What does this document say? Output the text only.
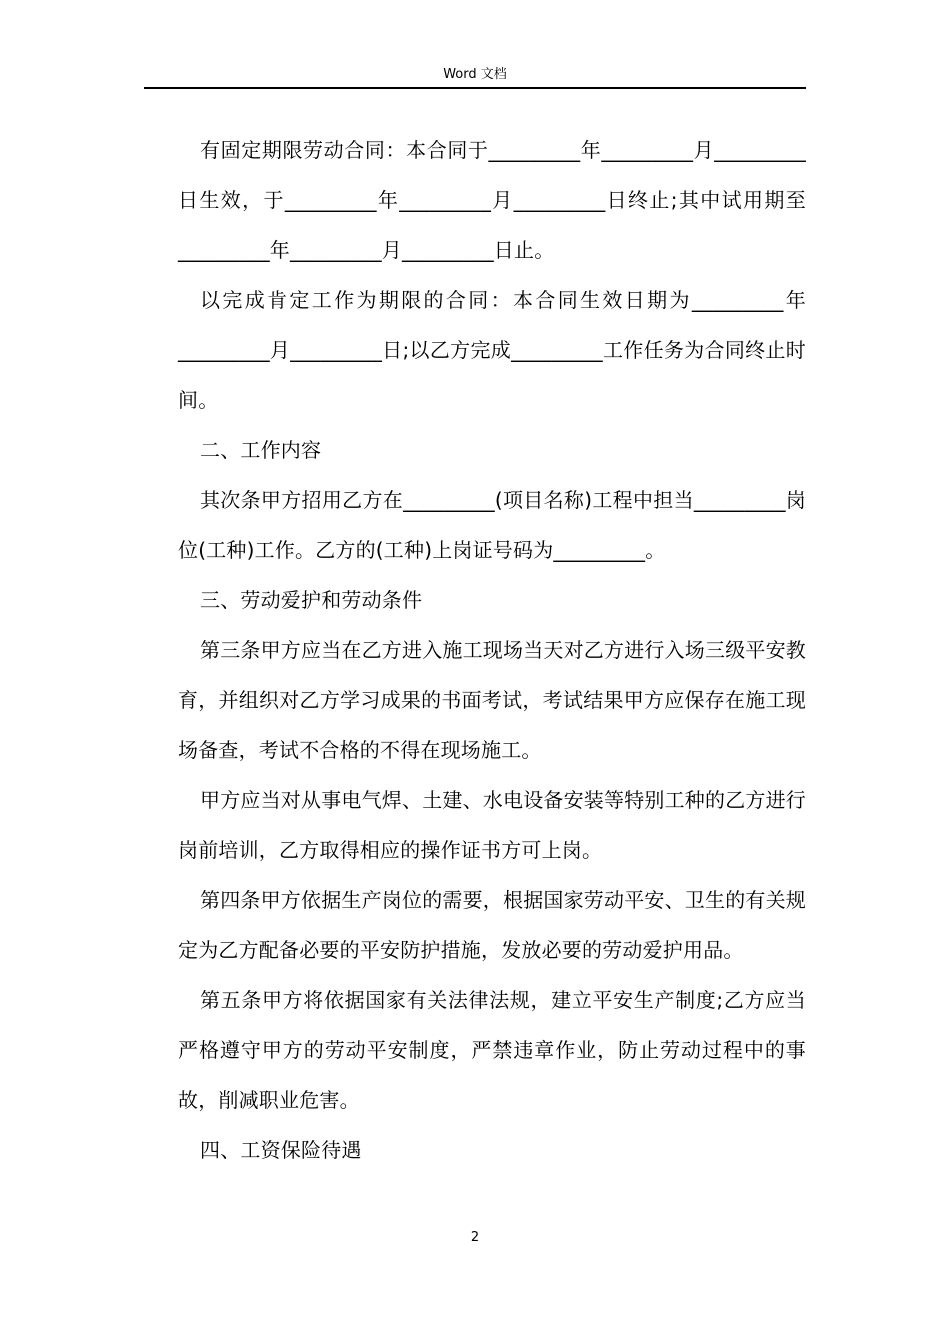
Word 文档

有固定期限劳动合同：本合同于_________年_________月_________日生效，于_________年_________月_________日终止;其中试用期至_________年_________月_________日止。

以完成肯定工作为期限的合同：本合同生效日期为_________年_________月_________日;以乙方完成_________工作任务为合同终止时间。

二、工作内容

其次条甲方招用乙方在_________(项目名称)工程中担当_________岗位(工种)工作。乙方的(工种)上岗证号码为_________。

三、劳动爱护和劳动条件

第三条甲方应当在乙方进入施工现场当天对乙方进行入场三级平安教育，并组织对乙方学习成果的书面考试，考试结果甲方应保存在施工现场备查，考试不合格的不得在现场施工。

甲方应当对从事电气焊、土建、水电设备安装等特别工种的乙方进行岗前培训，乙方取得相应的操作证书方可上岗。

第四条甲方依据生产岗位的需要，根据国家劳动平安、卫生的有关规定为乙方配备必要的平安防护措施，发放必要的劳动爱护用品。

第五条甲方将依据国家有关法律法规，建立平安生产制度;乙方应当严格遵守甲方的劳动平安制度，严禁违章作业，防止劳动过程中的事故，削减职业危害。

四、工资保险待遇

2
